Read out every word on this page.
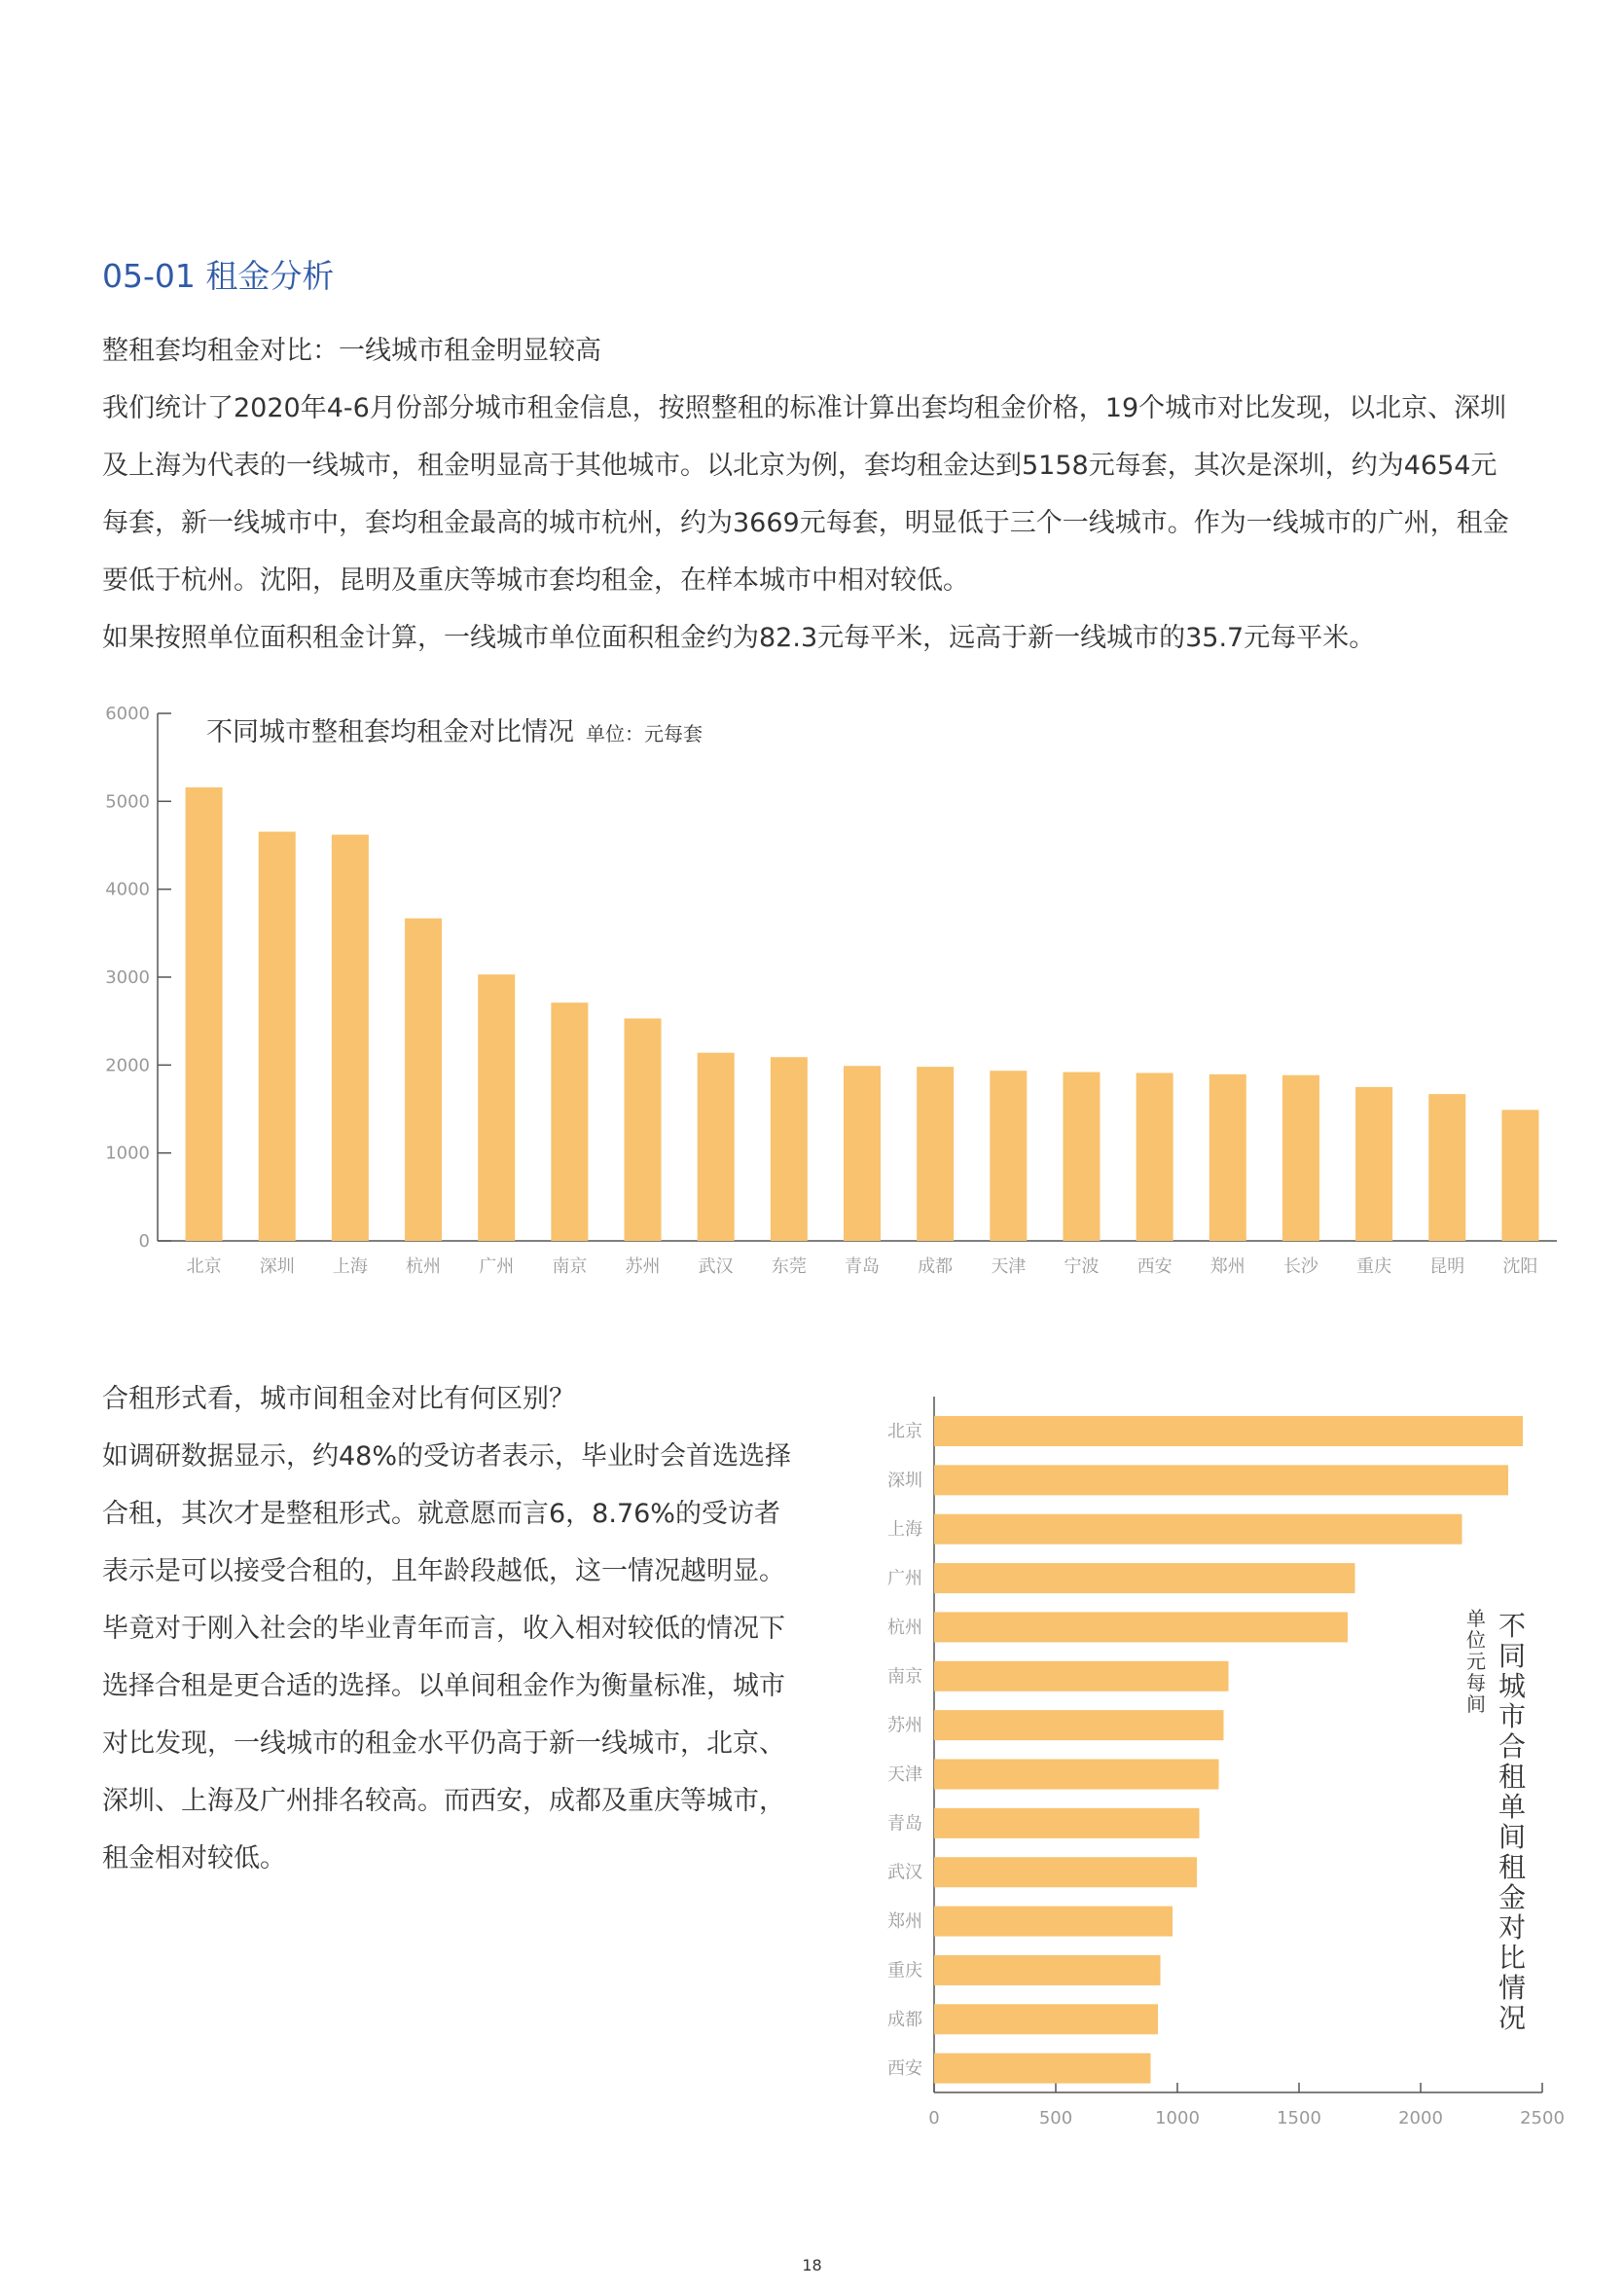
05-01 租金分析
整租套均租金对比：一线城市租金明显较高
我们统计了2020年4-6月份部分城市租金信息，按照整租的标准计算出套均租金价格，19个城市对比发现，以北京、深圳
及上海为代表的一线城市，租金明显高于其他城市。以北京为例，套均租金达到5158元每套，其次是深圳，约为4654元
每套，新一线城市中，套均租金最高的城市杭州，约为3669元每套，明显低于三个一线城市。作为一线城市的广州，租金
要低于杭州。沈阳，昆明及重庆等城市套均租金，在样本城市中相对较低。
如果按照单位面积租金计算，一线城市单位面积租金约为82.3元每平米，远高于新一线城市的35.7元每平米。
不同城市整租套均租金对比情况 单位：元每套
0
1000
2000
3000
4000
5000
6000
北京 深圳 上海 杭州 广州 南京 苏州 武汉 东莞 青岛 成都 天津 宁波 西安 郑州 长沙 重庆 昆明 沈阳
合租形式看，城市间租金对比有何区别？
如调研数据显示，约48%的受访者表示，毕业时会首选选择
合租，其次才是整租形式。就意愿而言6，8.76%的受访者
表示是可以接受合租的，且年龄段越低，这一情况越明显。
毕竟对于刚入社会的毕业青年而言，收入相对较低的情况下
选择合租是更合适的选择。以单间租金作为衡量标准，城市
对比发现，一线城市的租金水平仍高于新一线城市，北京、
深圳、上海及广州排名较高。而西安，成都及重庆等城市，
租金相对较低。
0	500	1000	1500	2000	2500
北京
深圳
上海
广州
杭州
南京
苏州
天津
青岛
武汉
郑州
重庆
成都
西安
不
同
城
市
合
租
单
间
租
金
对
比
情
况
单
位
元
每
间
18
